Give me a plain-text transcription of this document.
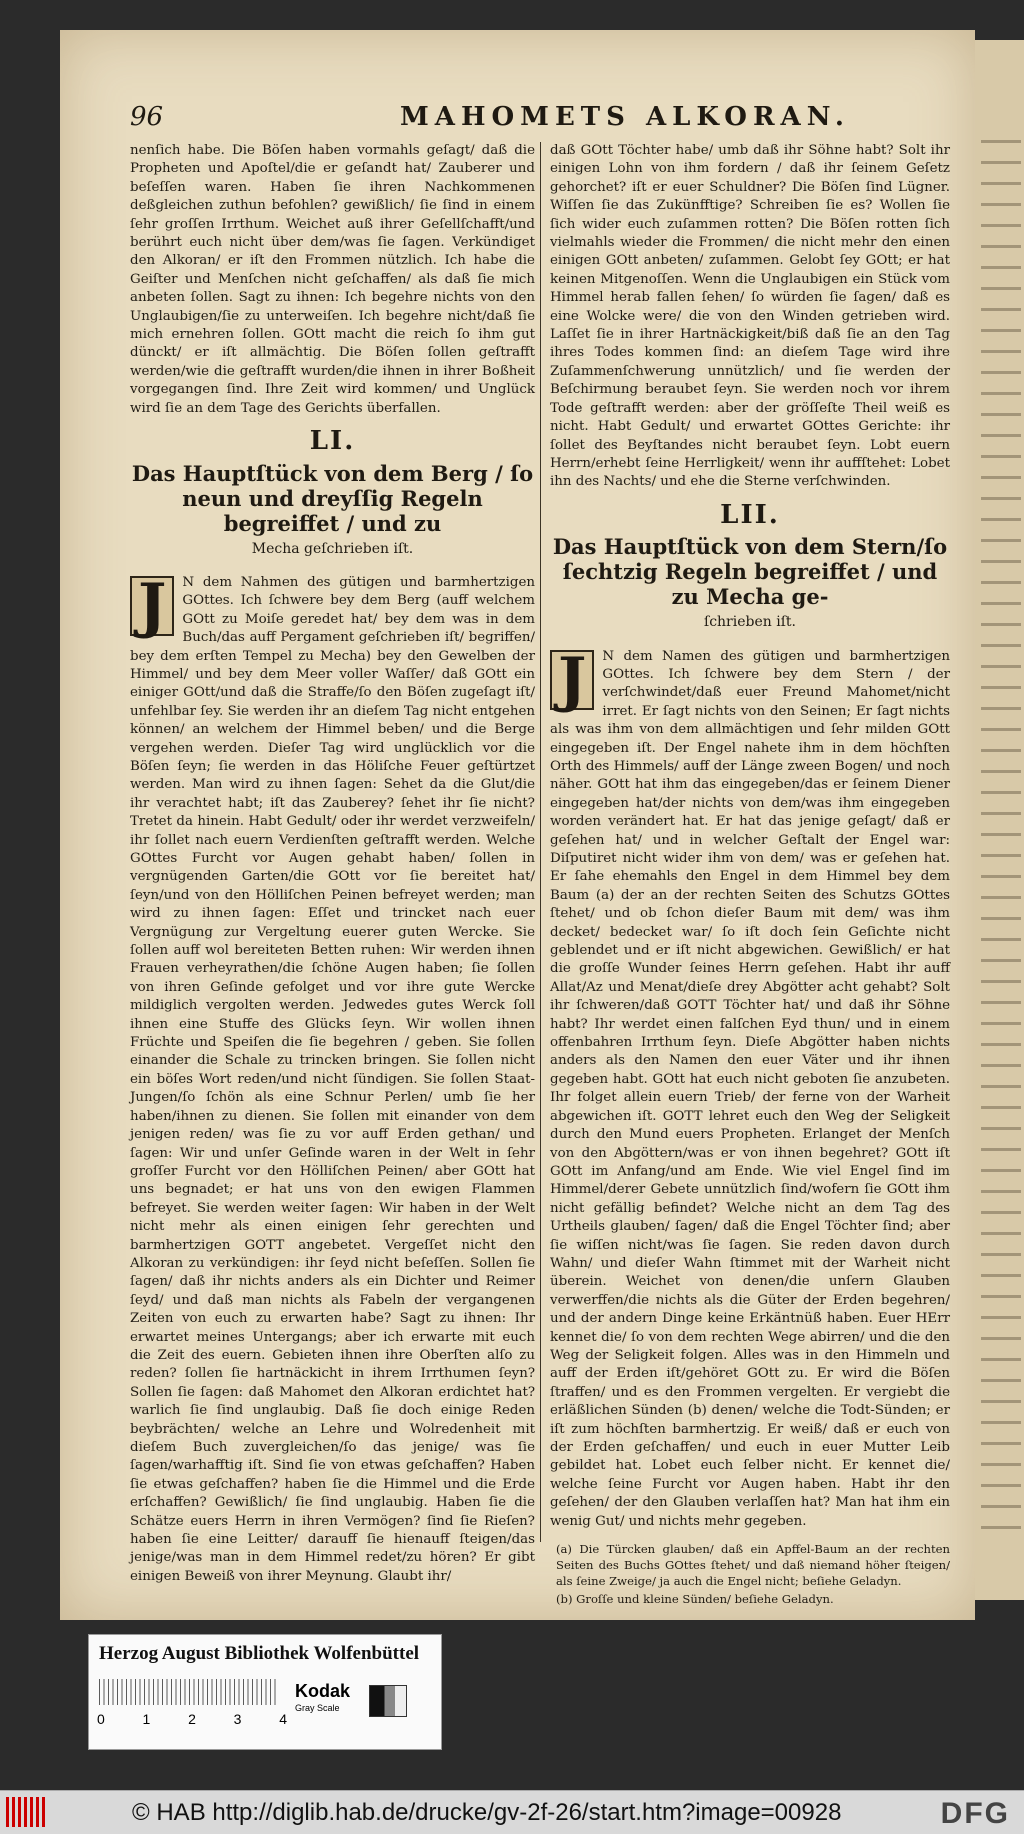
96	MAHOMETS ALKORAN.

nenſich habe. Die Böſen haben vormahls geſagt/ daß die Propheten und Apoſtel/die er geſandt hat/ Zauberer und beſeſſen waren. Haben ſie ihren Nachkommenen deßgleichen zuthun befohlen? gewißlich/ ſie ſind in einem ſehr groſſen Irrthum. Weichet auß ihrer Geſellſchafft/und berührt euch nicht über dem/was ſie ſagen. Verkündiget den Alkoran/ er iſt den Frommen nützlich. Ich habe die Geiſter und Menſchen nicht geſchaffen/ als daß ſie mich anbeten ſollen. Sagt zu ihnen: Ich begehre nichts von den Unglaubigen/ſie zu unterweiſen. Ich begehre nicht/daß ſie mich ernehren ſollen. GOtt macht die reich ſo ihm gut dünckt/ er iſt allmächtig. Die Böſen ſollen geſtrafft werden/wie die geſtrafft wurden/die ihnen in ihrer Boßheit vorgegangen ſind. Ihre Zeit wird kommen/ und Unglück wird ſie an dem Tage des Gerichts überfallen.

LI.
Das Hauptſtück von dem Berg / ſo neun und dreyſſig Regeln begreiffet / und zu
Mecha geſchrieben iſt.

J	N dem Nahmen des gütigen und barmhertzigen GOttes. Ich ſchwere bey dem Berg (auff welchem GOtt zu Moiſe geredet hat/ bey dem was in dem Buch/das auff Pergament geſchrieben iſt/ begriffen/ bey dem erſten Tempel zu Mecha) bey den Gewelben der Himmel/ und bey dem Meer voller Waſſer/ daß GOtt ein einiger GOtt/und daß die Straffe/ſo den Böſen zugeſagt iſt/ unfehlbar ſey. Sie werden ihr an dieſem Tag nicht entgehen können/ an welchem der Himmel beben/ und die Berge vergehen werden. Dieſer Tag wird unglücklich vor die Böſen ſeyn; ſie werden in das Höliſche Feuer geſtürtzet werden. Man wird zu ihnen ſagen: Sehet da die Glut/die ihr verachtet habt; iſt das Zauberey? ſehet ihr ſie nicht? Tretet da hinein. Habt Gedult/ oder ihr werdet verzweifeln/ ihr ſollet nach euern Verdienſten geſtrafft werden. Welche GOttes Furcht vor Augen gehabt haben/ ſollen in vergnügenden Garten/die GOtt vor ſie bereitet hat/ ſeyn/und von den Hölliſchen Peinen befreyet werden; man wird zu ihnen ſagen: Eſſet und trincket nach euer Vergnügung zur Vergeltung euerer guten Wercke. Sie ſollen auff wol bereiteten Betten ruhen: Wir werden ihnen Frauen verheyrathen/die ſchöne Augen haben; ſie ſollen von ihren Geſinde gefolget und vor ihre gute Wercke mildiglich vergolten werden. Jedwedes gutes Werck ſoll ihnen eine Stuffe des Glücks ſeyn. Wir wollen ihnen Früchte und Speiſen die ſie begehren / geben. Sie ſollen einander die Schale zu trincken bringen. Sie ſollen nicht ein böſes Wort reden/und nicht ſündigen. Sie ſollen Staat-Jungen/ſo ſchön als eine Schnur Perlen/ umb ſie her haben/ihnen zu dienen. Sie ſollen mit einander von dem jenigen reden/ was ſie zu vor auff Erden gethan/ und ſagen: Wir und unſer Geſinde waren in der Welt in ſehr groſſer Furcht vor den Hölliſchen Peinen/ aber GOtt hat uns begnadet; er hat uns von den ewigen Flammen befreyet. Sie werden weiter ſagen: Wir haben in der Welt nicht mehr als einen einigen ſehr gerechten und barmhertzigen GOTT angebetet. Vergeſſet nicht den Alkoran zu verkündigen: ihr ſeyd nicht beſeſſen. Sollen ſie ſagen/ daß ihr nichts anders als ein Dichter und Reimer ſeyd/ und daß man nichts als Fabeln der vergangenen Zeiten von euch zu erwarten habe? Sagt zu ihnen: Ihr erwartet meines Untergangs; aber ich erwarte mit euch die Zeit des euern. Gebieten ihnen ihre Oberſten alſo zu reden? ſollen ſie hartnäckicht in ihrem Irrthumen ſeyn? Sollen ſie ſagen: daß Mahomet den Alkoran erdichtet hat? warlich ſie ſind unglaubig. Daß ſie doch einige Reden beybrächten/ welche an Lehre und Wolredenheit mit dieſem Buch zuvergleichen/ſo das jenige/ was ſie ſagen/warhafftig iſt. Sind ſie von etwas geſchaffen? Haben ſie etwas geſchaffen? haben ſie die Himmel und die Erde erſchaffen? Gewißlich/ ſie ſind unglaubig. Haben ſie die Schätze euers Herrn in ihren Vermögen? ſind ſie Rieſen? haben ſie eine Leitter/ darauff ſie hienauff ſteigen/das jenige/was man in dem Himmel redet/zu hören? Er gibt einigen Beweiß von ihrer Meynung. Glaubt ihr/

daß GOtt Töchter habe/ umb daß ihr Söhne habt? Solt ihr einigen Lohn von ihm fordern / daß ihr ſeinem Geſetz gehorchet? iſt er euer Schuldner? Die Böſen ſind Lügner. Wiſſen ſie das Zukünfftige? Schreiben ſie es? Wollen ſie ſich wider euch zuſammen rotten? Die Böſen rotten ſich vielmahls wieder die Frommen/ die nicht mehr den einen einigen GOtt anbeten/ zuſammen. Gelobt ſey GOtt; er hat keinen Mitgenoſſen. Wenn die Unglaubigen ein Stück vom Himmel herab fallen ſehen/ ſo würden ſie ſagen/ daß es eine Wolcke were/ die von den Winden getrieben wird. Laſſet ſie in ihrer Hartnäckigkeit/biß daß ſie an den Tag ihres Todes kommen ſind: an dieſem Tage wird ihre Zuſammenſchwerung unnützlich/ und ſie werden der Beſchirmung beraubet ſeyn. Sie werden noch vor ihrem Tode geſtrafft werden: aber der gröſſeſte Theil weiß es nicht. Habt Gedult/ und erwartet GOttes Gerichte: ihr ſollet des Beyſtandes nicht beraubet ſeyn. Lobt euern Herrn/erhebt ſeine Herrligkeit/ wenn ihr auffſtehet: Lobet ihn des Nachts/ und ehe die Sterne verſchwinden.

LII.
Das Hauptſtück von dem Stern/ſo ſechtzig Regeln begreiffet / und zu Mecha ge-
ſchrieben iſt.

J	N dem Namen des gütigen und barmhertzigen GOttes. Ich ſchwere bey dem Stern / der verſchwindet/daß euer Freund Mahomet/nicht irret. Er ſagt nichts von den Seinen; Er ſagt nichts als was ihm von dem allmächtigen und ſehr milden GOtt eingegeben iſt. Der Engel nahete ihm in dem höchſten Orth des Himmels/ auff der Länge zween Bogen/ und noch näher. GOtt hat ihm das eingegeben/das er ſeinem Diener eingegeben hat/der nichts von dem/was ihm eingegeben worden verändert hat. Er hat das jenige geſagt/ daß er geſehen hat/ und in welcher Geſtalt der Engel war: Diſputiret nicht wider ihm von dem/ was er geſehen hat. Er ſahe ehemahls den Engel in dem Himmel bey dem Baum (a) der an der rechten Seiten des Schutzs GOttes ſtehet/ und ob ſchon dieſer Baum mit dem/ was ihm decket/ bedecket war/ ſo iſt doch ſein Geſichte nicht geblendet und er iſt nicht abgewichen. Gewißlich/ er hat die groſſe Wunder ſeines Herrn geſehen. Habt ihr auff Allat/Az und Menat/dieſe drey Abgötter acht gehabt? Solt ihr ſchweren/daß GOTT Töchter hat/ und daß ihr Söhne habt? Ihr werdet einen falſchen Eyd thun/ und in einem offenbahren Irrthum ſeyn. Dieſe Abgötter haben nichts anders als den Namen den euer Väter und ihr ihnen gegeben habt. GOtt hat euch nicht geboten ſie anzubeten. Ihr folget allein euern Trieb/ der ferne von der Warheit abgewichen iſt. GOTT lehret euch den Weg der Seligkeit durch den Mund euers Propheten. Erlanget der Menſch von den Abgöttern/was er von ihnen begehret? GOtt iſt GOtt im Anfang/und am Ende. Wie viel Engel ſind im Himmel/derer Gebete unnützlich ſind/wofern ſie GOtt ihm nicht gefällig befindet? Welche nicht an dem Tag des Urtheils glauben/ ſagen/ daß die Engel Töchter ſind; aber ſie wiſſen nicht/was ſie ſagen. Sie reden davon durch Wahn/ und dieſer Wahn ſtimmet mit der Warheit nicht überein. Weichet von denen/die unſern Glauben verwerffen/die nichts als die Güter der Erden begehren/ und der andern Dinge keine Erkäntnüß haben. Euer HErr kennet die/ ſo von dem rechten Wege abirren/ und die den Weg der Seligkeit folgen. Alles was in den Himmeln und auff der Erden iſt/gehöret GOtt zu. Er wird die Böſen ſtraffen/ und es den Frommen vergelten. Er vergiebt die erläßlichen Sünden (b) denen/ welche die Todt-Sünden; er iſt zum höchſten barmhertzig. Er weiß/ daß er euch von der Erden geſchaffen/ und euch in euer Mutter Leib gebildet hat. Lobet euch ſelber nicht. Er kennet die/ welche ſeine Furcht vor Augen haben. Habt ihr den geſehen/ der den Glauben verlaſſen hat? Man hat ihm ein wenig Gut/ und nichts mehr gegeben.

(a) Die Türcken glauben/ daß ein Apffel-Baum an der rechten Seiten des Buchs GOttes ſtehet/ und daß niemand höher ſteigen/ als ſeine Zweige/ ja auch die Engel nicht; beſiehe Geladyn.

(b) Groſſe und kleine Sünden/ beſiehe Geladyn.

Herzog August Bibliothek Wolfenbüttel
0	1	2	3	4
Kodak
Gray Scale
© HAB http://diglib.hab.de/drucke/gv-2f-26/start.htm?image=00928	DFG
